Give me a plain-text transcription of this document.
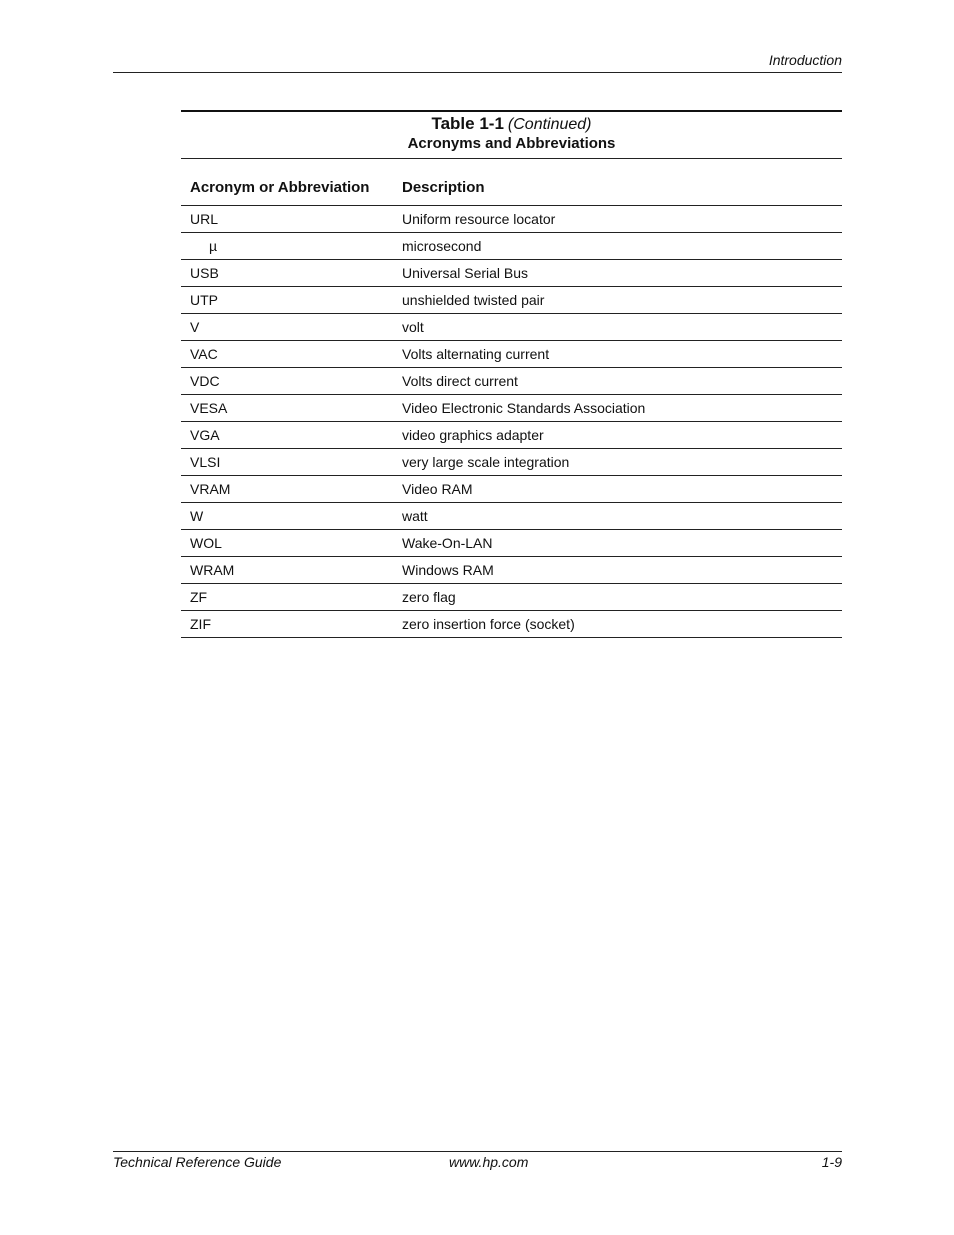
Introduction
Table 1-1 (Continued)
Acronyms and Abbreviations
Acronym or Abbreviation	Description
URL	Uniform resource locator
µ	microsecond
USB	Universal Serial Bus
UTP	unshielded twisted pair
V	volt
VAC	Volts alternating current
VDC	Volts direct current
VESA	Video Electronic Standards Association
VGA	video graphics adapter
VLSI	very large scale integration
VRAM	Video RAM
W	watt
WOL	Wake-On-LAN
WRAM	Windows RAM
ZF	zero flag
ZIF	zero insertion force (socket)
Technical Reference Guide	www.hp.com	1-9
